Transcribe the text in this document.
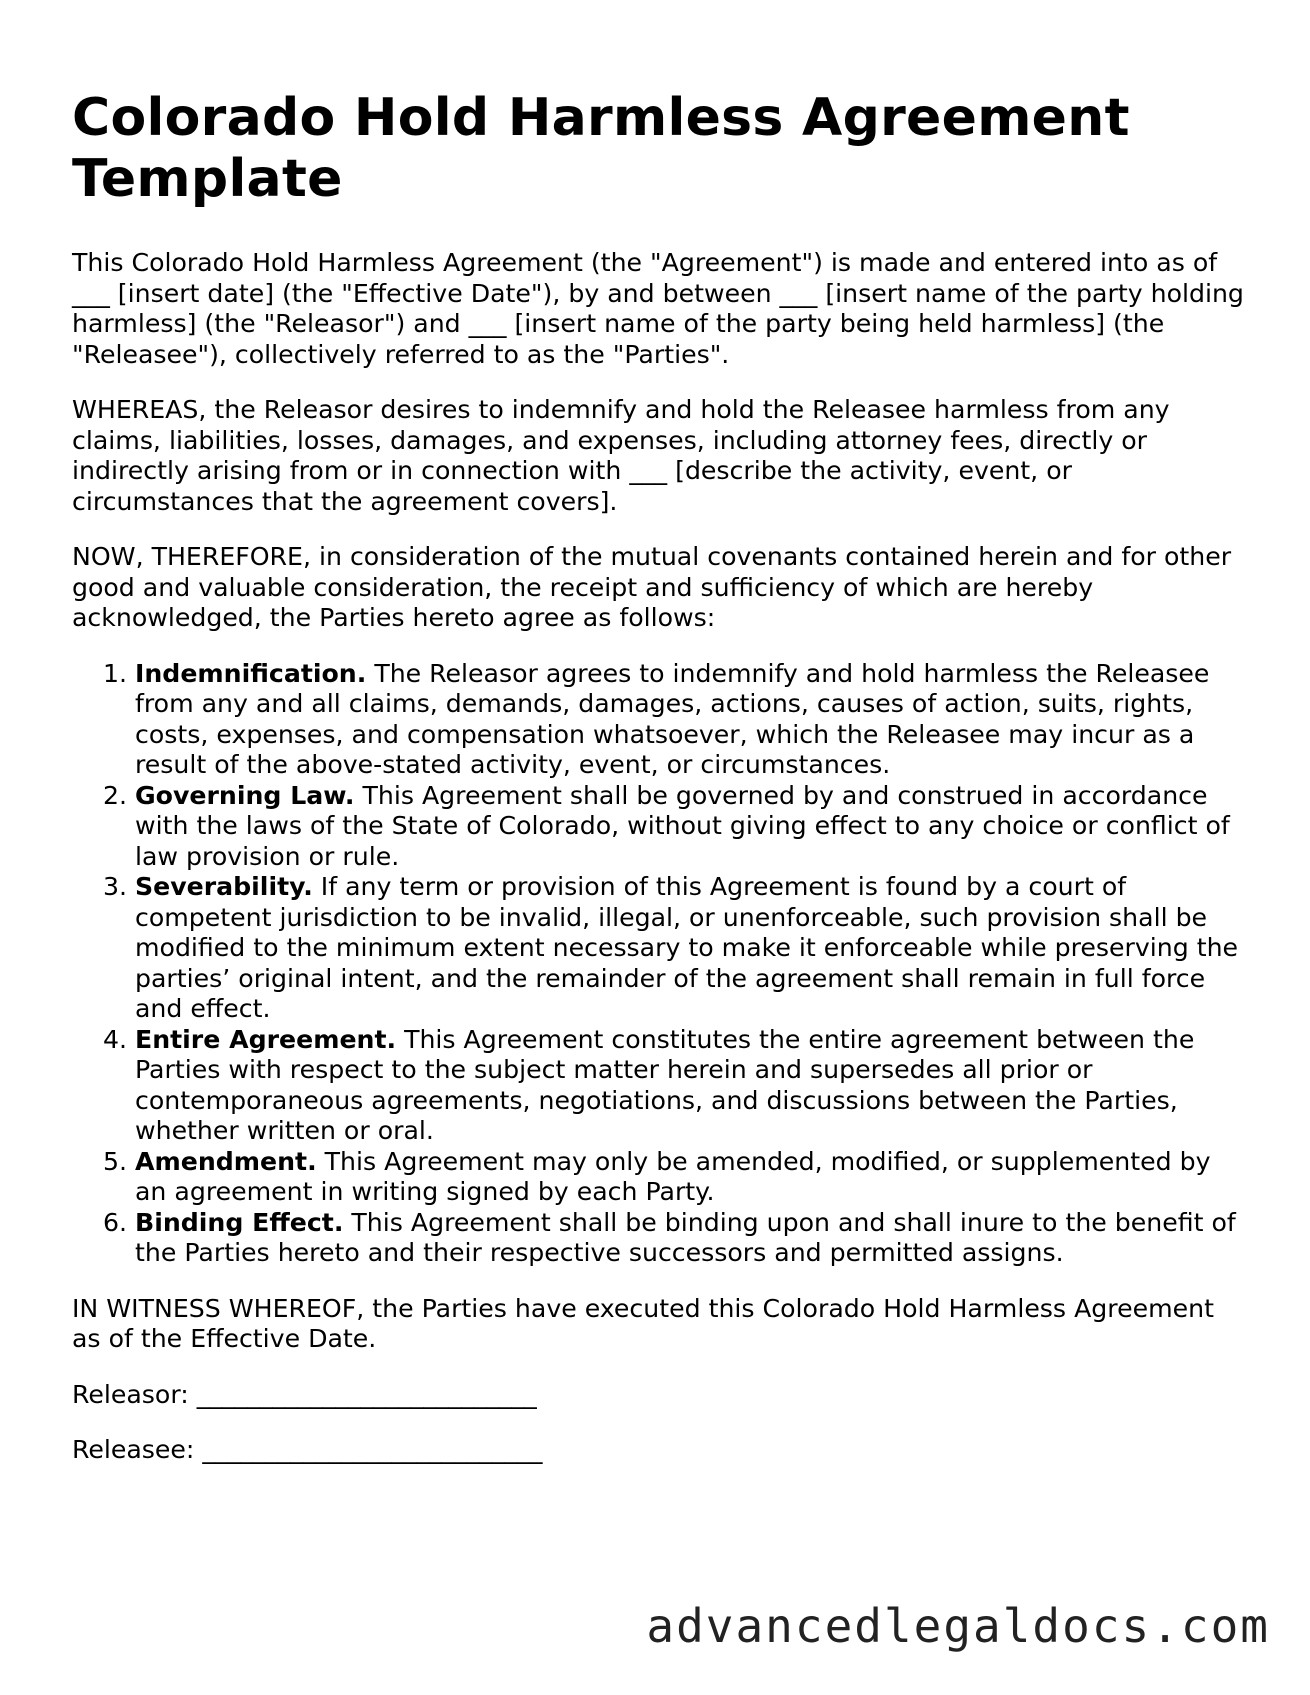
Colorado Hold Harmless Agreement Template

This Colorado Hold Harmless Agreement (the "Agreement") is made and entered into as of ___ [insert date] (the "Effective Date"), by and between ___ [insert name of the party holding harmless] (the "Releasor") and ___ [insert name of the party being held harmless] (the "Releasee"), collectively referred to as the "Parties".

WHEREAS, the Releasor desires to indemnify and hold the Releasee harmless from any claims, liabilities, losses, damages, and expenses, including attorney fees, directly or indirectly arising from or in connection with ___ [describe the activity, event, or circumstances that the agreement covers].

NOW, THEREFORE, in consideration of the mutual covenants contained herein and for other good and valuable consideration, the receipt and sufficiency of which are hereby acknowledged, the Parties hereto agree as follows:

1. Indemnification. The Releasor agrees to indemnify and hold harmless the Releasee from any and all claims, demands, damages, actions, causes of action, suits, rights, costs, expenses, and compensation whatsoever, which the Releasee may incur as a result of the above-stated activity, event, or circumstances.
2. Governing Law. This Agreement shall be governed by and construed in accordance with the laws of the State of Colorado, without giving effect to any choice or conflict of law provision or rule.
3. Severability. If any term or provision of this Agreement is found by a court of competent jurisdiction to be invalid, illegal, or unenforceable, such provision shall be modified to the minimum extent necessary to make it enforceable while preserving the parties’ original intent, and the remainder of the agreement shall remain in full force and effect.
4. Entire Agreement. This Agreement constitutes the entire agreement between the Parties with respect to the subject matter herein and supersedes all prior or contemporaneous agreements, negotiations, and discussions between the Parties, whether written or oral.
5. Amendment. This Agreement may only be amended, modified, or supplemented by an agreement in writing signed by each Party.
6. Binding Effect. This Agreement shall be binding upon and shall inure to the benefit of the Parties hereto and their respective successors and permitted assigns.

IN WITNESS WHEREOF, the Parties have executed this Colorado Hold Harmless Agreement as of the Effective Date.

Releasor: ___________________________
Releasee: ___________________________
advancedlegaldocs.com
